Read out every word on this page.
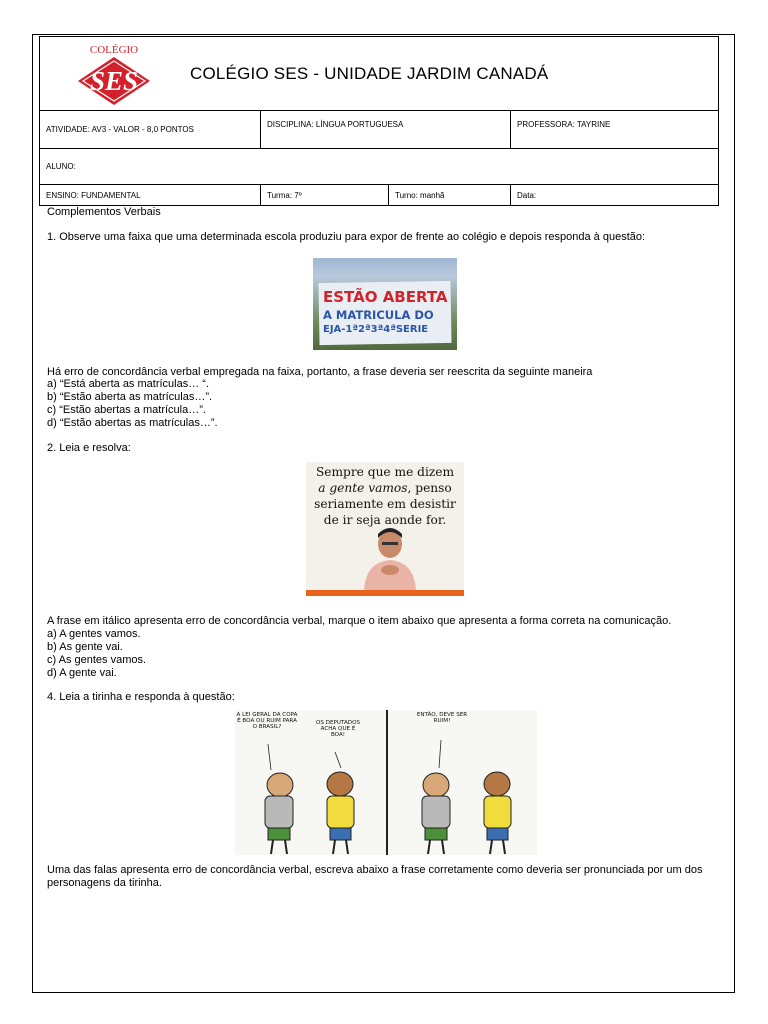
COLÉGIO
SES COLÉGIO SES - UNIDADE JARDIM CANADÁ			

ATIVIDADE: AV3 - VALOR - 8,0 PONTOS	DISCIPLINA: LÍNGUA PORTUGUESA		PROFESSORA: TAYRINE
ALUNO:			
ENSINO: FUNDAMENTAL	Turma: 7º	Turno: manhã	Data:

Complementos Verbais

1. Observe uma faixa que uma determinada escola produziu para expor de frente ao colégio e depois responda à questão:

Há erro de concordância verbal empregada na faixa, portanto, a frase deveria ser reescrita da seguinte maneira

a) “Está aberta as matrículas… “.

b) “Estão aberta as matrículas…”.

c) “Estão abertas a matrícula…”.

d) “Estão abertas as matrículas…”.

2. Leia e resolva:

A frase em itálico apresenta erro de concordância verbal, marque o item abaixo que apresenta a forma correta na comunicação.

a) A gentes vamos.

b) As gente vai.

c) As gentes vamos.

d) A gente vai.

4. Leia a tirinha e responda à questão:

Uma das falas apresenta erro de concordância verbal, escreva abaixo a frase corretamente como deveria ser pronunciada por um dos personagens da tirinha.

ESTÃO ABERTA
A MATRICULA DO
EJA-1ª2ª3ª4ªSERIE
Sempre que me dizem
a gente vamos, penso
seriamente em desistir
de ir seja aonde for.
A LEI GERAL DA COPA É BOA OU RUIM PARA O BRASIL?
OS DEPUTADOS ACHA QUE É BOA!
ENTÃO, DEVE SER RUIM!
